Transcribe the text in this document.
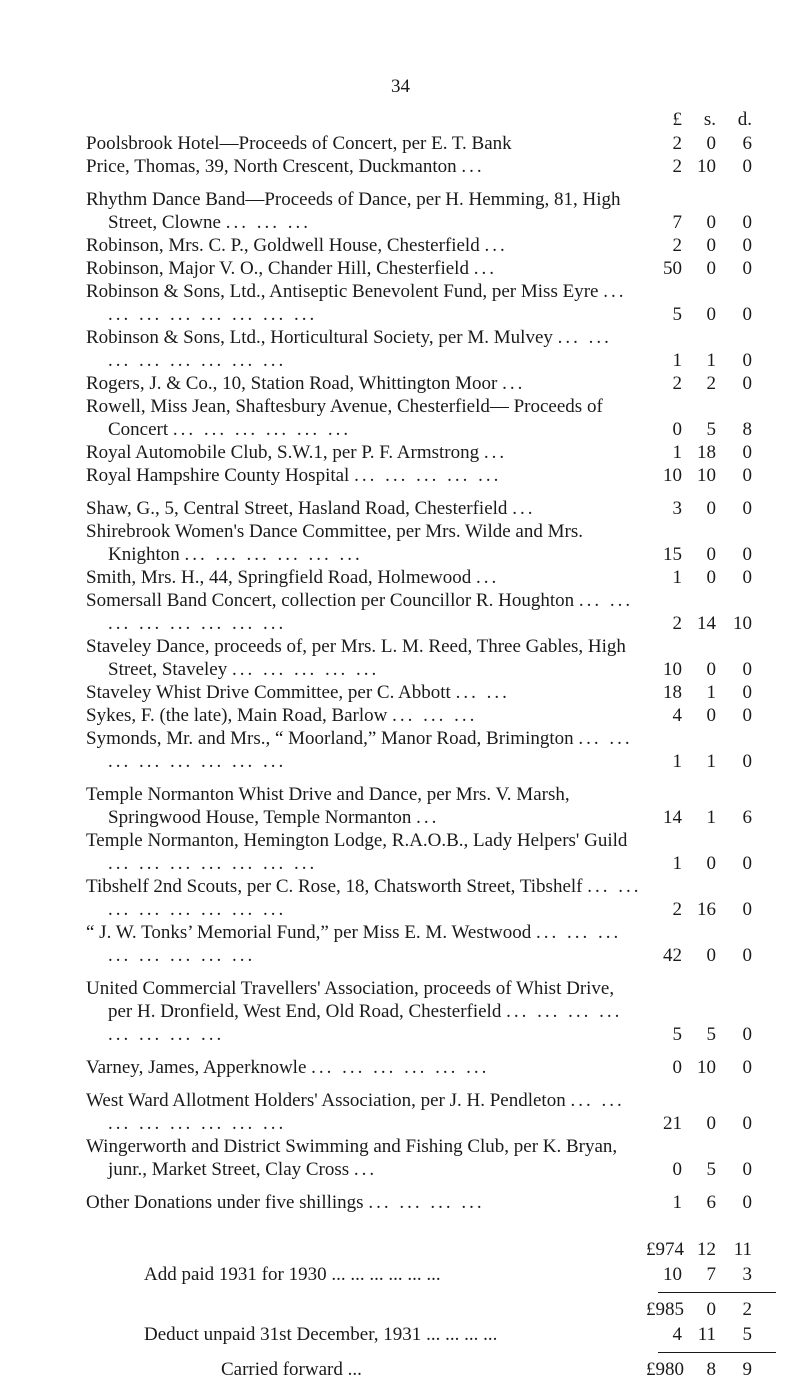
34
£	s.	d.
Poolsbrook Hotel—Proceeds of Concert, per E. T. Bank	2	0	6
Price, Thomas, 39, North Crescent, Duckmanton ...	2 10	0
Rhythm Dance Band—Proceeds of Dance, per H. Hemming, 81, High Street, Clowne ... ... ...	7	0	0
Robinson, Mrs. C. P., Goldwell House, Chesterfield ...	2	0	0
Robinson, Major V. O., Chander Hill, Chesterfield ...	50	0	0
Robinson & Sons, Ltd., Antiseptic Benevolent Fund, per Miss Eyre ... ... ... ... ... ... ... ...	5	0	0
Robinson & Sons, Ltd., Horticultural Society, per M. Mulvey ... ... ... ... ... ... ... ...	1	1	0
Rogers, J. & Co., 10, Station Road, Whittington Moor ...	2	2	0
Rowell, Miss Jean, Shaftesbury Avenue, Chesterfield— Proceeds of Concert ... ... ... ... ... ...	0	5	8
Royal Automobile Club, S.W.1, per P. F. Armstrong ...	1 18	0
Royal Hampshire County Hospital ... ... ... ... ...	10 10	0
Shaw, G., 5, Central Street, Hasland Road, Chesterfield ...	3	0	0
Shirebrook Women's Dance Committee, per Mrs. Wilde and Mrs. Knighton ... ... ... ... ... ...	15	0	0
Smith, Mrs. H., 44, Springfield Road, Holmewood ...	1	0	0
Somersall Band Concert, collection per Councillor R. Houghton ... ... ... ... ... ... ... ...	2 14 10
Staveley Dance, proceeds of, per Mrs. L. M. Reed, Three Gables, High Street, Staveley ... ... ... ... ...	10	0	0
Staveley Whist Drive Committee, per C. Abbott ... ...	18	1	0
Sykes, F. (the late), Main Road, Barlow ... ... ...	4	0	0
Symonds, Mr. and Mrs., “ Moorland,” Manor Road, Brimington ... ... ... ... ... ... ... ...	1	1	0
Temple Normanton Whist Drive and Dance, per Mrs. V. Marsh, Springwood House, Temple Normanton ...	14	1	6
Temple Normanton, Hemington Lodge, R.A.O.B., Lady Helpers' Guild ... ... ... ... ... ... ...	1	0	0
Tibshelf 2nd Scouts, per C. Rose, 18, Chatsworth Street, Tibshelf ... ... ... ... ... ... ... ...	2 16	0
“ J. W. Tonks’ Memorial Fund,” per Miss E. M. Westwood ... ... ... ... ... ... ... ...	42	0	0
United Commercial Travellers' Association, proceeds of Whist Drive, per H. Dronfield, West End, Old Road, Chesterfield ... ... ... ... ... ... ... ...	5	5	0
Varney, James, Apperknowle ... ... ... ... ... ...	0 10	0
West Ward Allotment Holders' Association, per J. H. Pendleton ... ... ... ... ... ... ... ...	21	0	0
Wingerworth and District Swimming and Fishing Club, per K. Bryan, junr., Market Street, Clay Cross ...	0	5	0
Other Donations under five shillings ... ... ... ...	1	6	0
£974 12 11
Add paid 1931 for 1930 ... ... ... ... ... ...	10	7	3
£985	0	2
Deduct unpaid 31st December, 1931 ... ... ... ...	4 11	5
Carried forward ...	£980	8	9
